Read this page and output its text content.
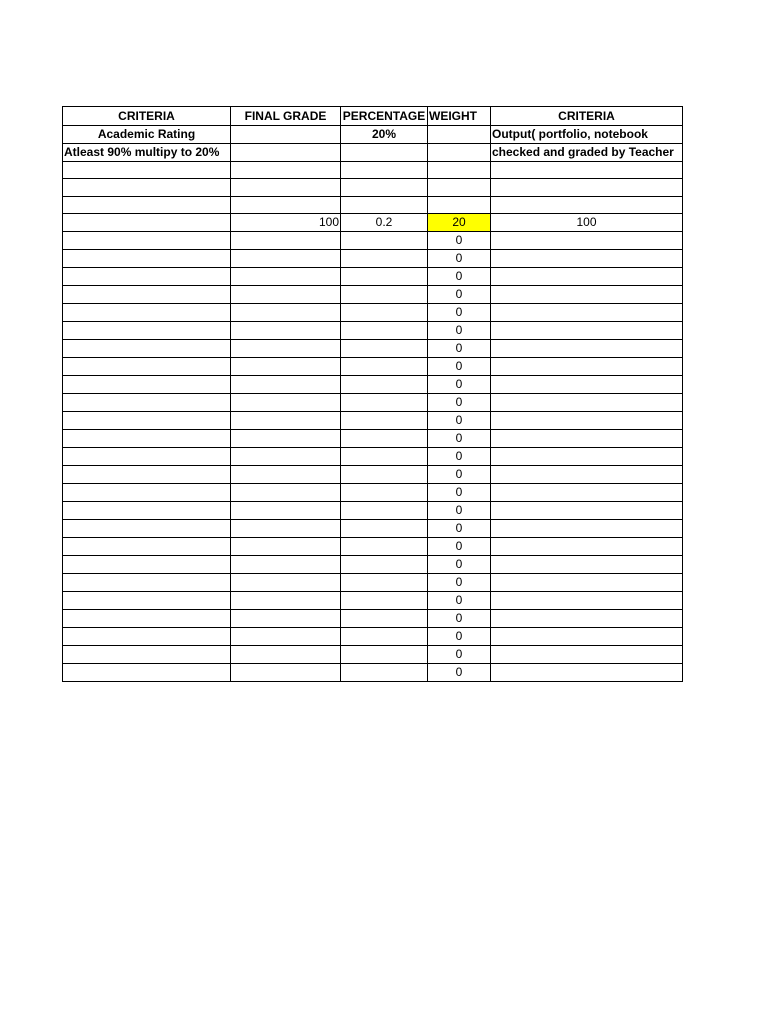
CRITERIA	FINAL GRADE	PERCENTAGE	WEIGHT	CRITERIA
Academic Rating		20%		Output( portfolio, notebook
Atleast 90% multipy to 20%				checked and graded by Teacher

	100	0.2	20	100
			0	
			0	
			0	
			0	
			0	
			0	
			0	
			0	
			0	
			0	
			0	
			0	
			0	
			0	
			0	
			0	
			0	
			0	
			0	
			0	
			0	
			0	
			0	
			0	
			0	
